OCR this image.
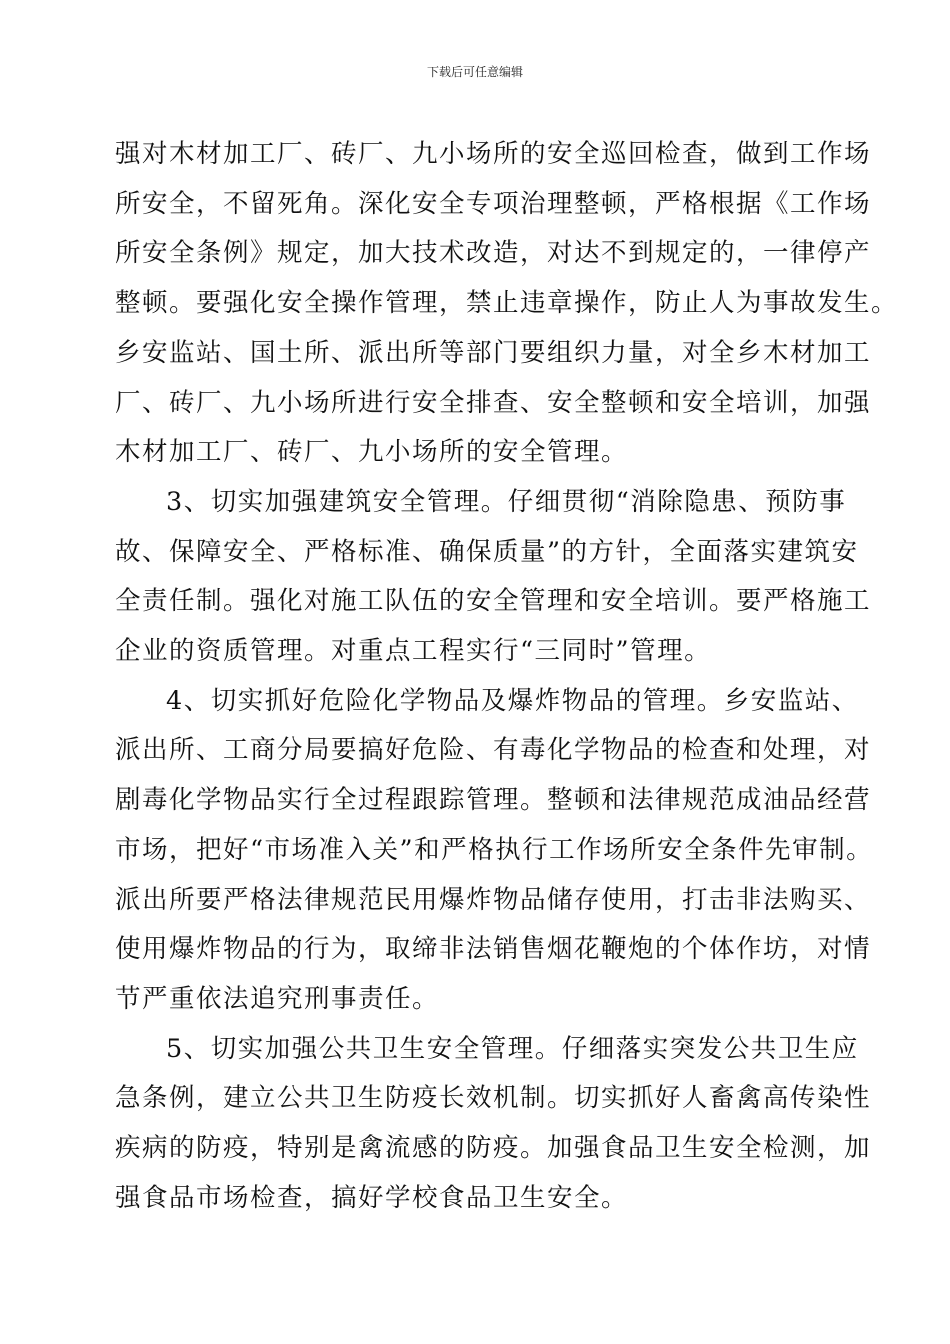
下载后可任意编辑
强对木材加工厂、砖厂、九小场所的安全巡回检查，做到工作场
所安全，不留死角。深化安全专项治理整顿，严格根据《工作场
所安全条例》规定，加大技术改造，对达不到规定的，一律停产
整顿。要强化安全操作管理，禁止违章操作，防止人为事故发生。
乡安监站、国土所、派出所等部门要组织力量，对全乡木材加工
厂、砖厂、九小场所进行安全排查、安全整顿和安全培训，加强
木材加工厂、砖厂、九小场所的安全管理。
3、切实加强建筑安全管理。仔细贯彻“消除隐患、预防事
故、保障安全、严格标准、确保质量”的方针，全面落实建筑安
全责任制。强化对施工队伍的安全管理和安全培训。要严格施工
企业的资质管理。对重点工程实行“三同时”管理。
4、切实抓好危险化学物品及爆炸物品的管理。乡安监站、
派出所、工商分局要搞好危险、有毒化学物品的检查和处理，对
剧毒化学物品实行全过程跟踪管理。整顿和法律规范成油品经营
市场，把好“市场准入关”和严格执行工作场所安全条件先审制。
派出所要严格法律规范民用爆炸物品储存使用，打击非法购买、
使用爆炸物品的行为，取缔非法销售烟花鞭炮的个体作坊，对情
节严重依法追究刑事责任。
5、切实加强公共卫生安全管理。仔细落实突发公共卫生应
急条例，建立公共卫生防疫长效机制。切实抓好人畜禽高传染性
疾病的防疫，特别是禽流感的防疫。加强食品卫生安全检测，加
强食品市场检查，搞好学校食品卫生安全。
